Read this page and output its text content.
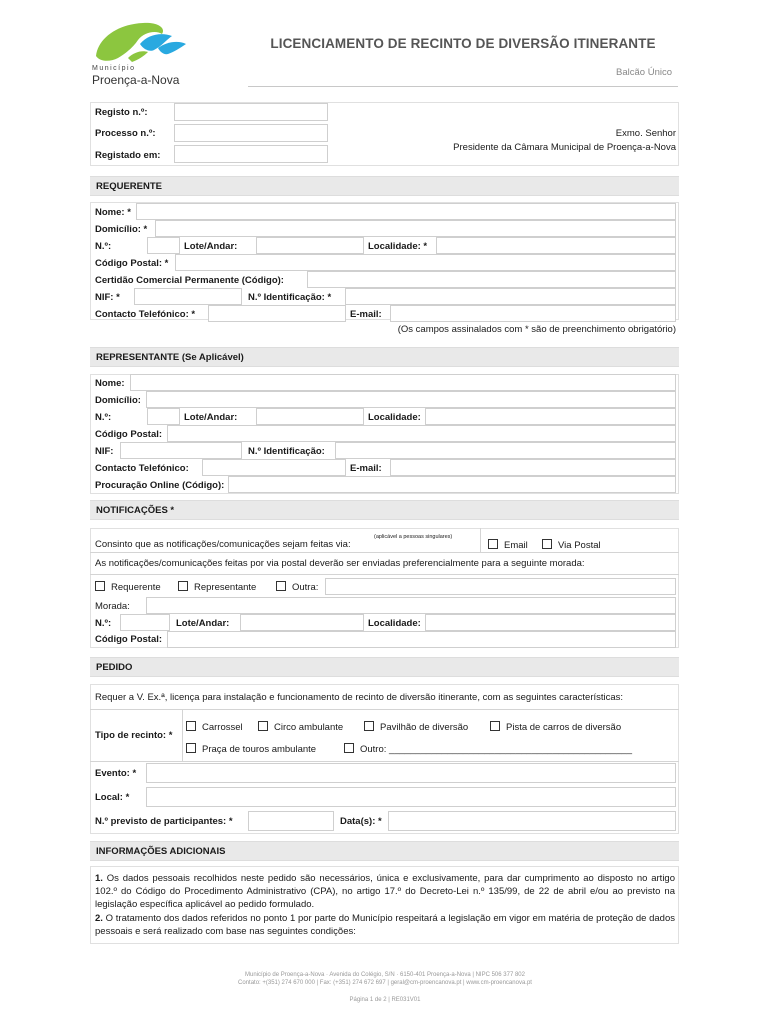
Município
Proença-a-Nova
LICENCIAMENTO DE RECINTO DE DIVERSÃO ITINERANTE
Balcão Único
Registo n.º:
Processo n.º:
Registado em:
Exmo. Senhor
Presidente da Câmara Municipal de Proença-a-Nova
REQUERENTE
Nome: *
Domicílio: *
N.º:	Lote/Andar:	Localidade: *
Código Postal: *
Certidão Comercial Permanente (Código):
NIF: *	N.º Identificação: *
Contacto Telefónico: *	E-mail:
(Os campos assinalados com * são de preenchimento obrigatório)
REPRESENTANTE (Se Aplicável)
Nome:
Domicílio:
N.º:	Lote/Andar:	Localidade:
Código Postal:
NIF:	N.º Identificação:
Contacto Telefónico:	E-mail:
Procuração Online (Código):
NOTIFICAÇÕES *
Consinto que as notificações/comunicações sejam feitas via:
(aplicável a pessoas singulares)
Email	Via Postal
As notificações/comunicações feitas por via postal deverão ser enviadas preferencialmente para a seguinte morada:
Requerente	Representante	Outra:
Morada:
N.º:	Lote/Andar:	Localidade:
Código Postal:
PEDIDO
Requer a V. Ex.ª, licença para instalação e funcionamento de recinto de diversão itinerante, com as seguintes características:
Tipo de recinto: *
Carrossel	Circo ambulante	Pavilhão de diversão	Pista de carros de diversão
Praça de touros ambulante	Outro: ______________________________________________
Evento: *
Local: *
N.º previsto de participantes: *	Data(s): *
INFORMAÇÕES ADICIONAIS
1. Os dados pessoais recolhidos neste pedido são necessários, única e exclusivamente, para dar cumprimento ao disposto no artigo 102.º do Código do Procedimento Administrativo (CPA), no artigo 17.º do Decreto-Lei n.º 135/99, de 22 de abril e/ou ao previsto na legislação específica aplicável ao pedido formulado.
2. O tratamento dos dados referidos no ponto 1 por parte do Município respeitará a legislação em vigor em matéria de proteção de dados pessoais e será realizado com base nas seguintes condições:
Município de Proença-a-Nova · Avenida do Colégio, S/N · 6150-401 Proença-a-Nova | NIPC 506 377 802
Contato: +(351) 274 670 000 | Fax: (+351) 274 672 697 | geral@cm-proencanova.pt | www.cm-proencanova.pt
Página 1 de 2 | RE031V01
